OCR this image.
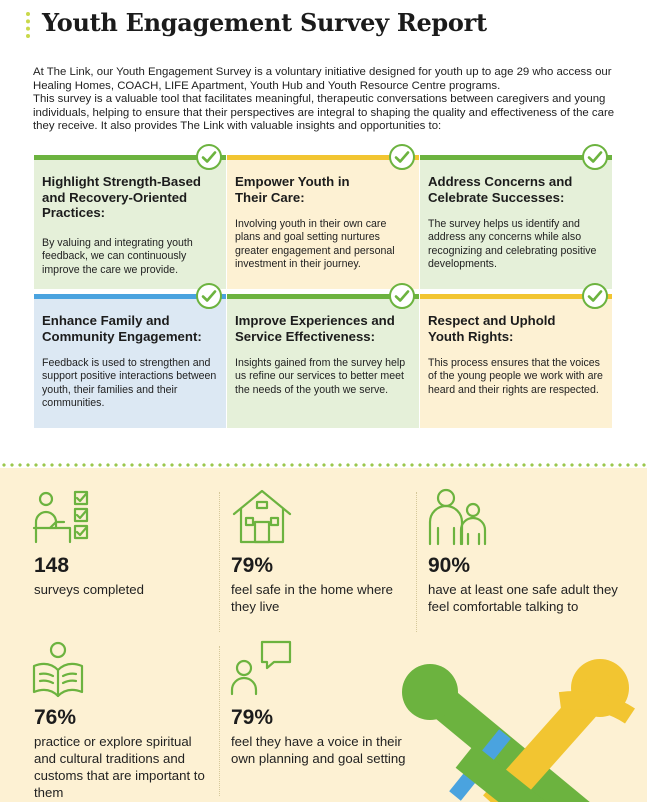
Youth Engagement Survey Report

At The Link, our Youth Engagement Survey is a voluntary initiative designed for youth up to age 29 who access our Healing Homes, COACH, LIFE Apartment, Youth Hub and Youth Resource Centre programs.

This survey is a valuable tool that facilitates meaningful, therapeutic conversations between caregivers and young individuals, helping to ensure that their perspectives are integral to shaping the quality and effectiveness of the care they receive. It also provides The Link with valuable insights and opportunities to:

Highlight Strength-Based and Recovery-Oriented Practices:
By valuing and integrating youth feedback, we can continuously improve the care we provide.
Empower Youth in Their Care:
Involving youth in their own care plans and goal setting nurtures greater engagement and personal investment in their journey.
Address Concerns and Celebrate Successes:
The survey helps us identify and address any concerns while also recognizing and celebrating positive developments.
Enhance Family and Community Engagement:
Feedback is used to strengthen and support positive interactions between youth, their families and their communities.
Improve Experiences and Service Effectiveness:
Insights gained from the survey help us refine our services to better meet the needs of the youth we serve.
Respect and Uphold Youth Rights:
This process ensures that the voices of the young people we work with are heard and their rights are respected.
148
surveys completed
79%
feel safe in the home where they live
90%
have at least one safe adult they feel comfortable talking to
76%
practice or explore spiritual and cultural traditions and customs that are important to them
79%
feel they have a voice in their own planning and goal setting
